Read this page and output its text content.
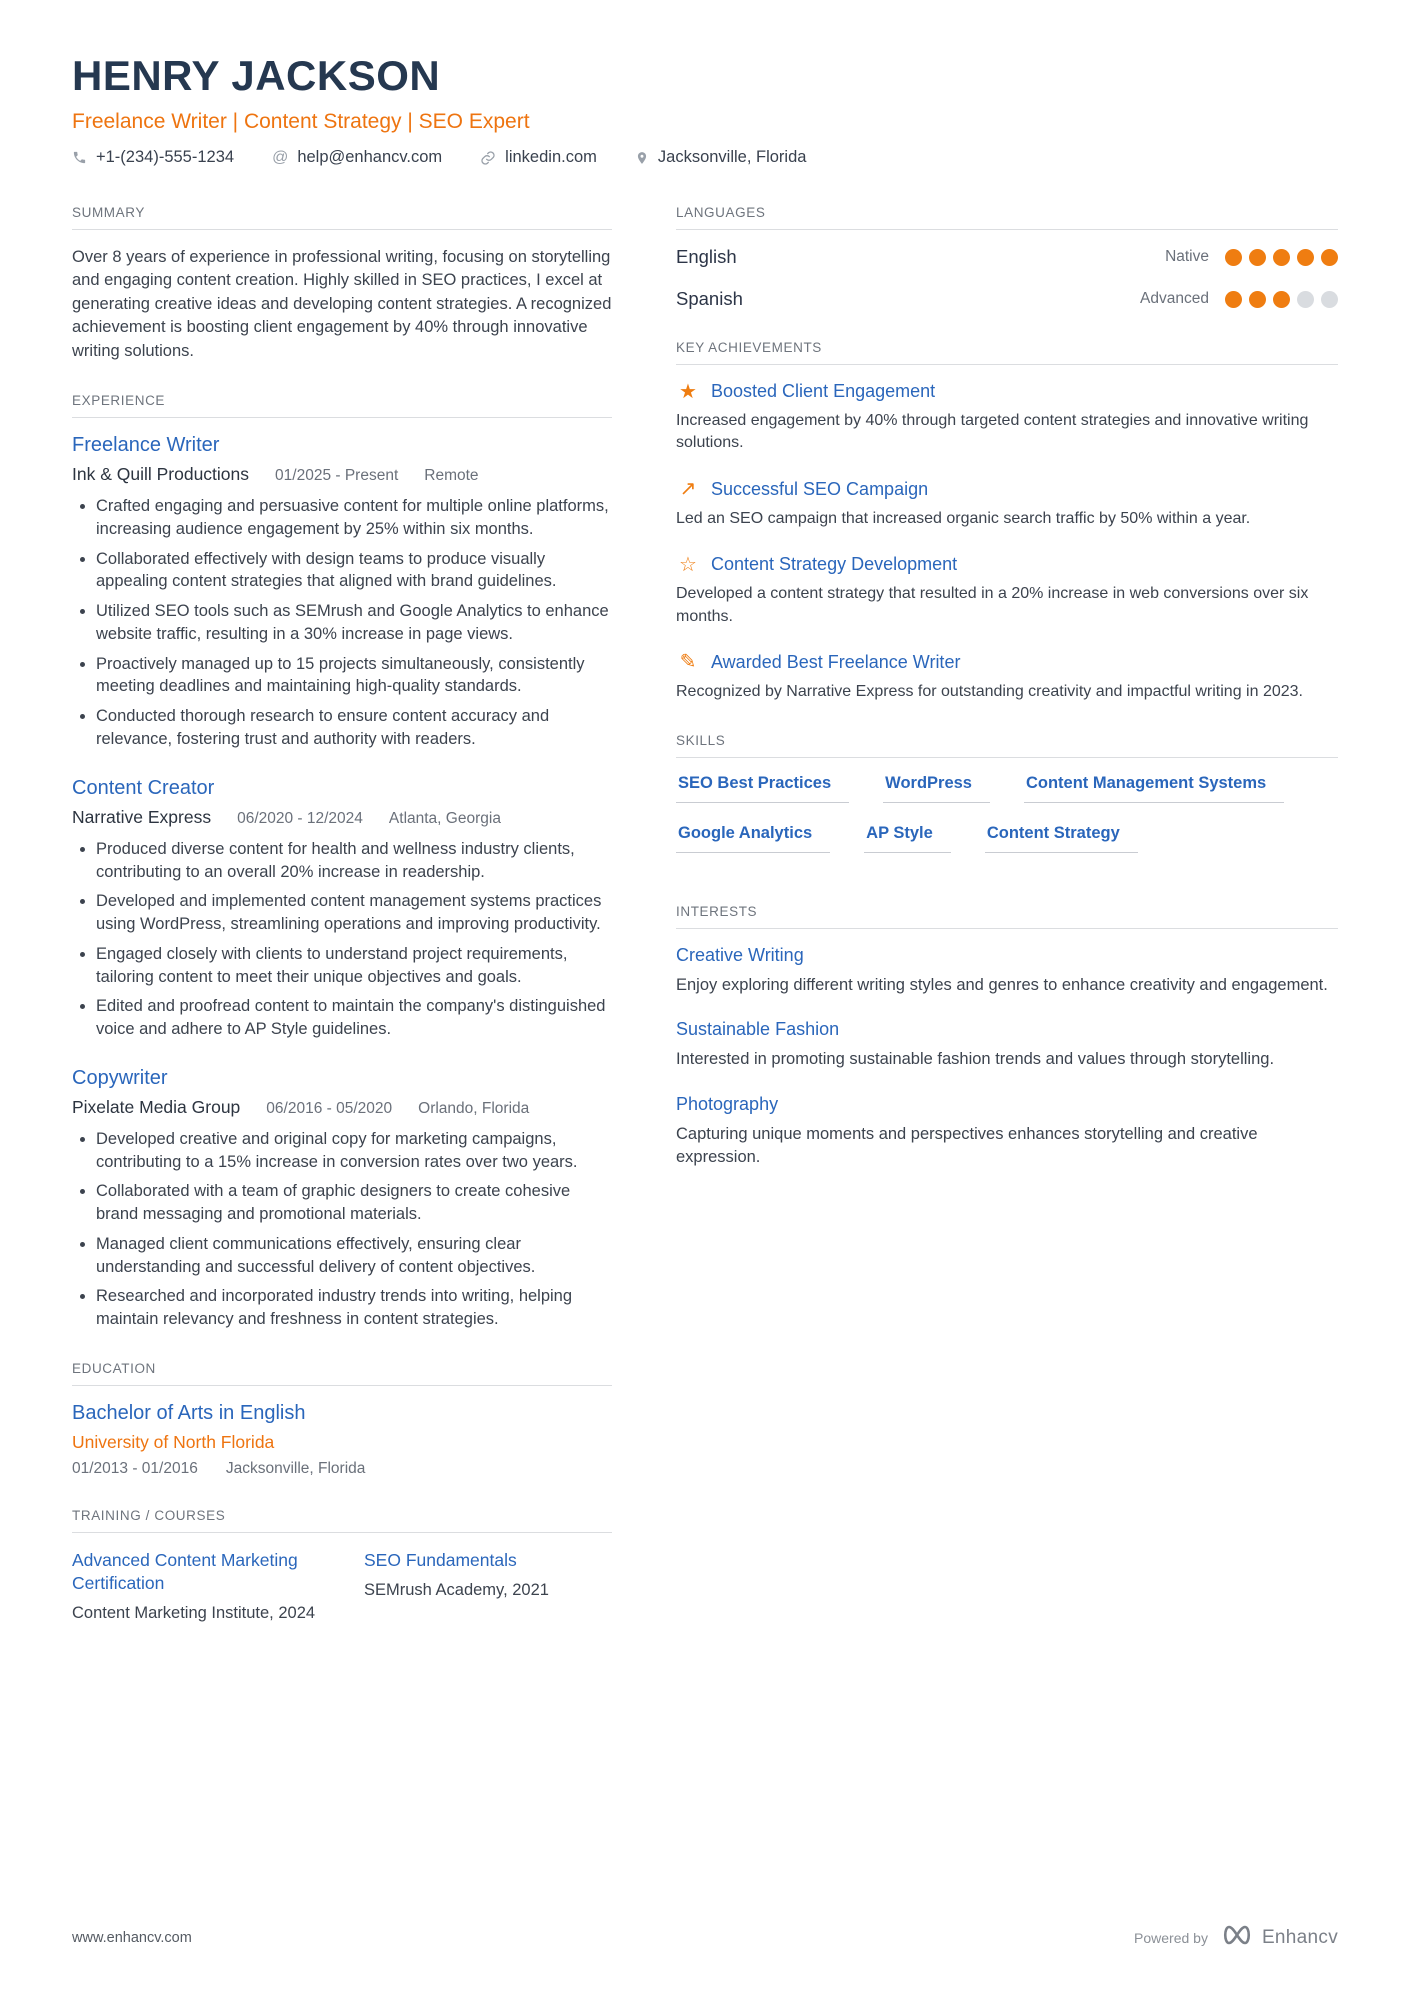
HENRY JACKSON
Freelance Writer | Content Strategy | SEO Expert
+1-(234)-555-1234 @ help@enhancv.com	linkedin.com	Jacksonville, Florida
SUMMARY
Over 8 years of experience in professional writing, focusing on storytelling and engaging content creation. Highly skilled in SEO practices, I excel at generating creative ideas and developing content strategies. A recognized achievement is boosting client engagement by 40% through innovative writing solutions.
EXPERIENCE
Freelance Writer
Ink & Quill Productions 01/2025 - Present Remote
• Crafted engaging and persuasive content for multiple online platforms, increasing audience engagement by 25% within six months.
• Collaborated effectively with design teams to produce visually appealing content strategies that aligned with brand guidelines.
• Utilized SEO tools such as SEMrush and Google Analytics to enhance website traffic, resulting in a 30% increase in page views.
• Proactively managed up to 15 projects simultaneously, consistently meeting deadlines and maintaining high-quality standards.
• Conducted thorough research to ensure content accuracy and relevance, fostering trust and authority with readers.
Content Creator
Narrative Express 06/2020 - 12/2024 Atlanta, Georgia
• Produced diverse content for health and wellness industry clients, contributing to an overall 20% increase in readership.
• Developed and implemented content management systems practices using WordPress, streamlining operations and improving productivity.
• Engaged closely with clients to understand project requirements, tailoring content to meet their unique objectives and goals.
• Edited and proofread content to maintain the company's distinguished voice and adhere to AP Style guidelines.
Copywriter
Pixelate Media Group 06/2016 - 05/2020 Orlando, Florida
• Developed creative and original copy for marketing campaigns, contributing to a 15% increase in conversion rates over two years.
• Collaborated with a team of graphic designers to create cohesive brand messaging and promotional materials.
• Managed client communications effectively, ensuring clear understanding and successful delivery of content objectives.
• Researched and incorporated industry trends into writing, helping maintain relevancy and freshness in content strategies.
EDUCATION
Bachelor of Arts in English
University of North Florida
01/2013 - 01/2016 Jacksonville, Florida
TRAINING / COURSES
Advanced Content Marketing Certification
Content Marketing Institute, 2024
SEO Fundamentals
SEMrush Academy, 2021
LANGUAGES
English	Native
Spanish	Advanced
KEY ACHIEVEMENTS
★ Boosted Client Engagement
Increased engagement by 40% through targeted content strategies and innovative writing solutions.
↗ Successful SEO Campaign
Led an SEO campaign that increased organic search traffic by 50% within a year.
☆ Content Strategy Development
Developed a content strategy that resulted in a 20% increase in web conversions over six months.
✎ Awarded Best Freelance Writer
Recognized by Narrative Express for outstanding creativity and impactful writing in 2023.
SKILLS
SEO Best Practices	WordPress	Content Management Systems
Google Analytics	AP Style	Content Strategy
INTERESTS
Creative Writing
Enjoy exploring different writing styles and genres to enhance creativity and engagement.
Sustainable Fashion
Interested in promoting sustainable fashion trends and values through storytelling.
Photography
Capturing unique moments and perspectives enhances storytelling and creative expression.
www.enhancv.com	Powered by	Enhancv
